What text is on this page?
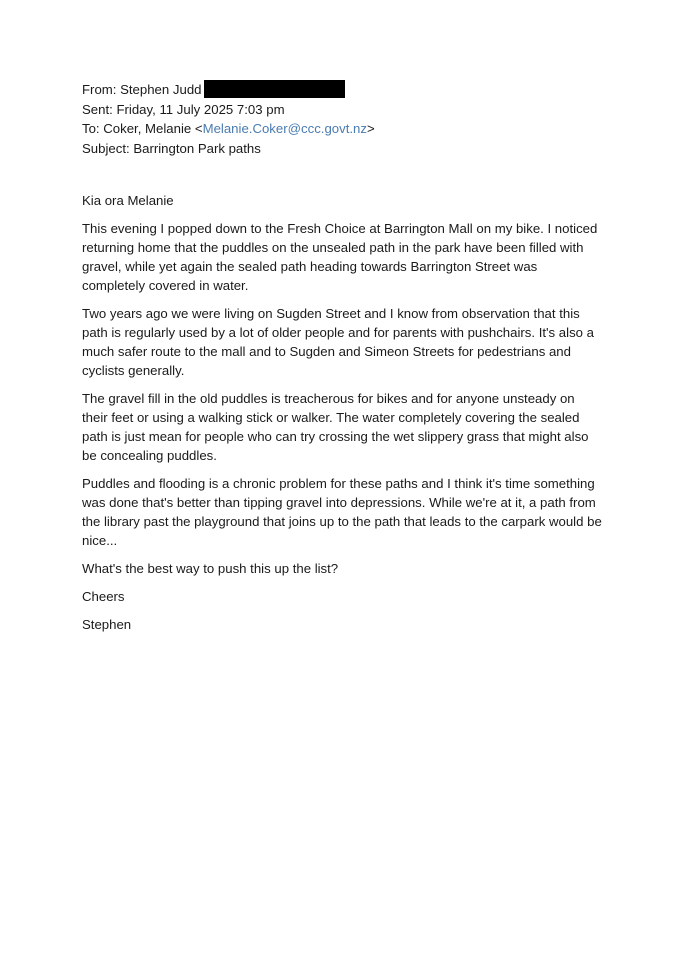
From: Stephen Judd
Sent: Friday, 11 July 2025 7:03 pm
To: Coker, Melanie <Melanie.Coker@ccc.govt.nz>
Subject: Barrington Park paths
Kia ora Melanie
This evening I popped down to the Fresh Choice at Barrington Mall on my bike. I noticed returning home that the puddles on the unsealed path in the park have been filled with gravel, while yet again the sealed path heading towards Barrington Street was completely covered in water.
Two years ago we were living on Sugden Street and I know from observation that this path is regularly used by a lot of older people and for parents with pushchairs. It's also a much safer route to the mall and to Sugden and Simeon Streets for pedestrians and cyclists generally.
The gravel fill in the old puddles is treacherous for bikes and for anyone unsteady on their feet or using a walking stick or walker. The water completely covering the sealed path is just mean for people who can try crossing the wet slippery grass that might also be concealing puddles.
Puddles and flooding is a chronic problem for these paths and I think it's time something was done that's better than tipping gravel into depressions. While we're at it, a path from the library past the playground that joins up to the path that leads to the carpark would be nice...
What's the best way to push this up the list?
Cheers
Stephen
